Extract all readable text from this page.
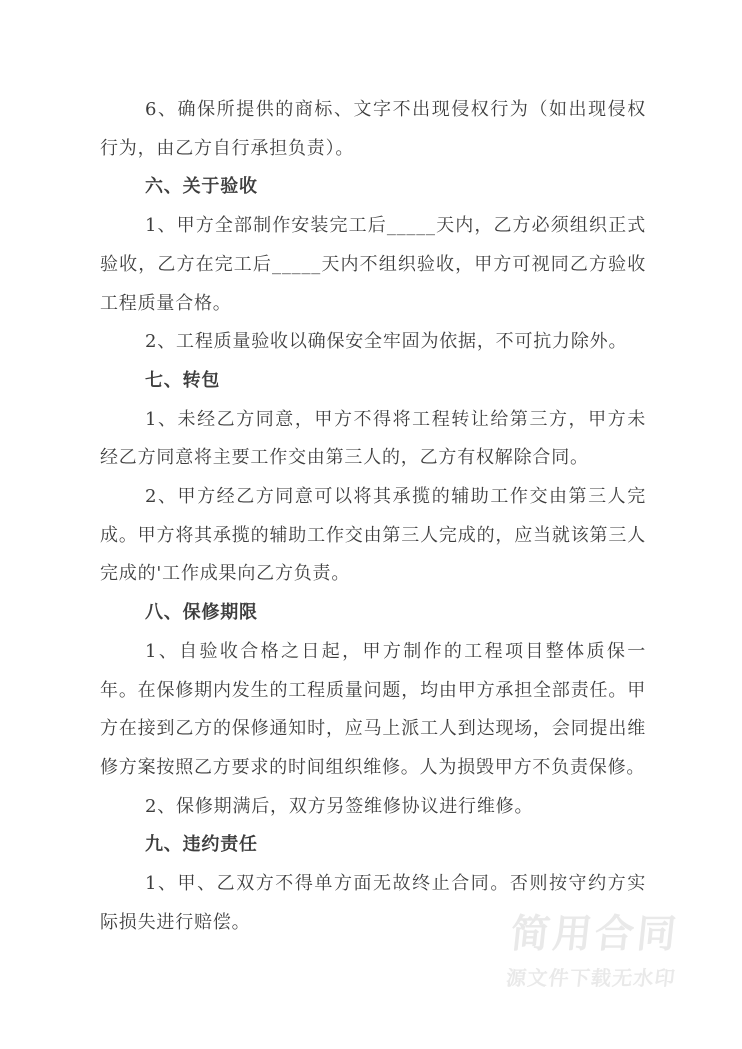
6、确保所提供的商标、文字不出现侵权行为（如出现侵权行为，由乙方自行承担负责）。

六、关于验收

1、甲方全部制作安装完工后_____天内，乙方必须组织正式验收，乙方在完工后_____天内不组织验收，甲方可视同乙方验收工程质量合格。

2、工程质量验收以确保安全牢固为依据，不可抗力除外。

七、转包

1、未经乙方同意，甲方不得将工程转让给第三方，甲方未经乙方同意将主要工作交由第三人的，乙方有权解除合同。

2、甲方经乙方同意可以将其承揽的辅助工作交由第三人完成。甲方将其承揽的辅助工作交由第三人完成的，应当就该第三人完成的'工作成果向乙方负责。

八、保修期限

1、自验收合格之日起，甲方制作的工程项目整体质保一年。在保修期内发生的工程质量问题，均由甲方承担全部责任。甲方在接到乙方的保修通知时，应马上派工人到达现场，会同提出维修方案按照乙方要求的时间组织维修。人为损毁甲方不负责保修。

2、保修期满后，双方另签维修协议进行维修。

九、违约责任

1、甲、乙双方不得单方面无故终止合同。否则按守约方实际损失进行赔偿。	简用合同
源文件下载无水印
